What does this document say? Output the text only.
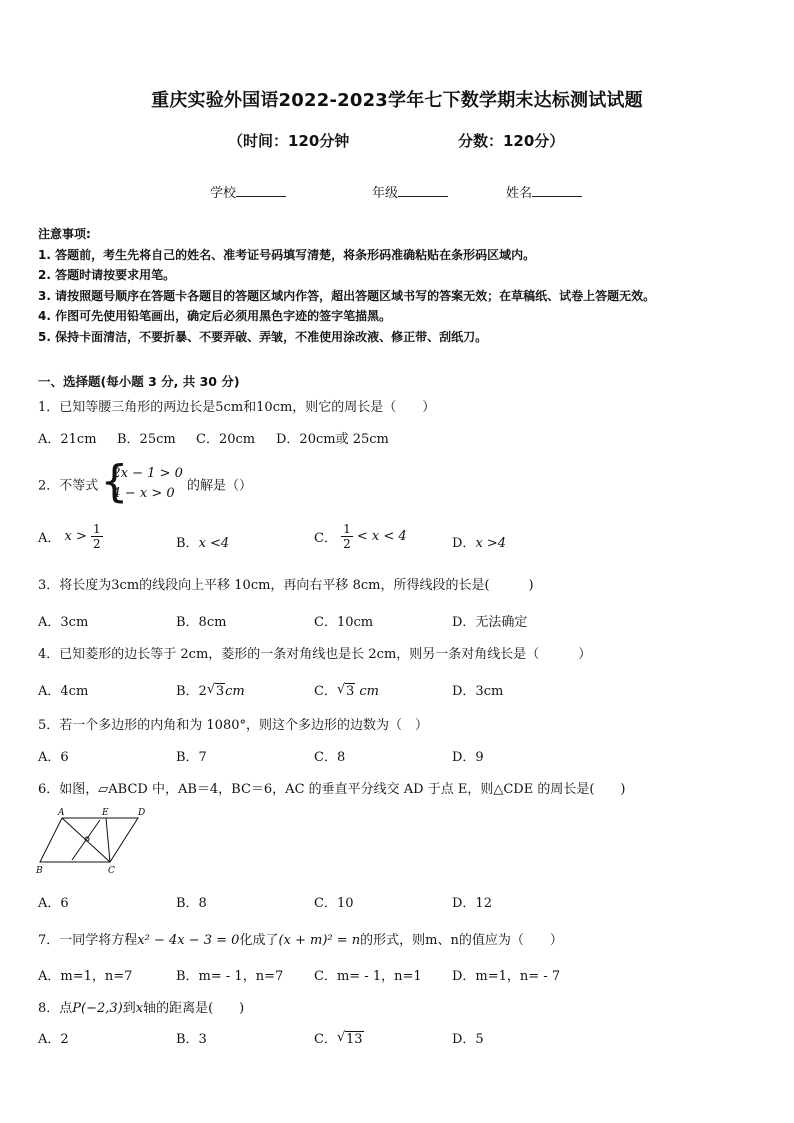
重庆实验外国语2022-2023学年七下数学期末达标测试试题
（时间：120分钟	分数：120分）
学校	年级	姓名
注意事项:
1. 答题前，考生先将自己的姓名、准考证号码填写清楚，将条形码准确粘贴在条形码区域内。
2. 答题时请按要求用笔。
3. 请按照题号顺序在答题卡各题目的答题区域内作答，超出答题区域书写的答案无效；在草稿纸、试卷上答题无效。
4. 作图可先使用铅笔画出，确定后必须用黑色字迹的签字笔描黑。
5. 保持卡面清洁，不要折暴、不要弄破、弄皱，不准使用涂改液、修正带、刮纸刀。
一、选择题(每小题 3 分, 共 30 分)
1．已知等腰三角形的两边长是5cm和10cm，则它的周长是（　　）
A．21cm B．25cm C．20cm D．20cm或 25cm
2．不等式 {
2x − 1 > 0
4 − x > 0 的解是（）
A． $x > \frac{1}{2}$	B．x <4	C． $\frac{1}{2} < x < 4$	D．x >4
3．将长度为3cm的线段向上平移 10cm，再向右平移 8cm，所得线段的长是(　　　)
A．3cm	B．8cm	C．10cm	D．无法确定
4．已知菱形的边长等于 2cm，菱形的一条对角线也是长 2cm，则另一条对角线长是（　　　）
A．4cm	B．2 √ 3cm	C． √ 3 cm	D．3cm
5．若一个多边形的内角和为 1080°，则这个多边形的边数为（　）
A．6	B．7	C．8	D．9
6．如图，▱ABCD 中，AB＝4，BC＝6，AC 的垂直平分线交 AD 于点 E，则△CDE 的周长是(　　)
A	E	D
B	C
A．6	B．8	C．10	D．12
7．一同学将方程x² − 4x − 3 = 0化成了(x + m)² = n的形式，则m、n的值应为（　　）
A．m=1，n=7	B．m= - 1，n=7 C．m= - 1，n=1 D．m=1，n= - 7
8．点P(−2,3)到x轴的距离是(　　)
A．2	B．3	C． √ 13	D．5
